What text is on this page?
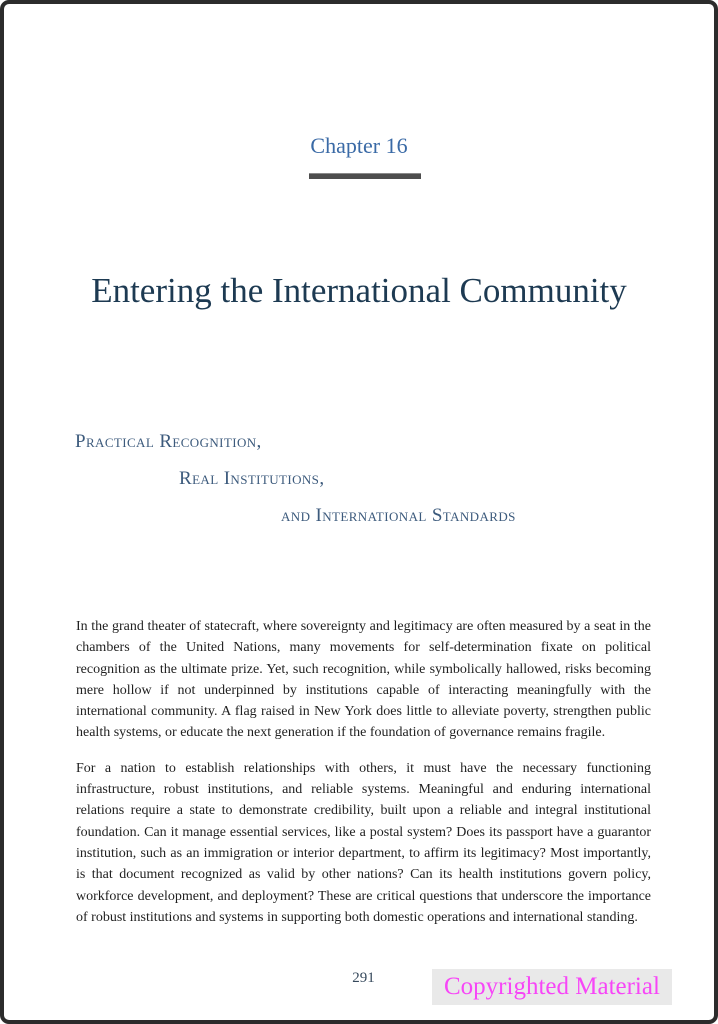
Chapter 16
Entering the International Community
Practical Recognition,
Real Institutions,
and International Standards

In the grand theater of statecraft, where sovereignty and legitimacy are often measured by a seat in the chambers of the United Nations, many movements for self-determination fixate on political recognition as the ultimate prize. Yet, such recognition, while symbolically hallowed, risks becoming mere hollow if not underpinned by institutions capable of interacting meaningfully with the international community. A flag raised in New York does little to alleviate poverty, strengthen public health systems, or educate the next generation if the foundation of governance remains fragile.

For a nation to establish relationships with others, it must have the necessary functioning infrastructure, robust institutions, and reliable systems. Meaningful and enduring international relations require a state to demonstrate credibility, built upon a reliable and integral institutional foundation. Can it manage essential services, like a postal system? Does its passport have a guarantor institution, such as an immigration or interior department, to affirm its legitimacy? Most importantly, is that document recognized as valid by other nations? Can its health institutions govern policy, workforce development, and deployment? These are critical questions that underscore the importance of robust institutions and systems in supporting both domestic operations and international standing.

291	Copyrighted Material
